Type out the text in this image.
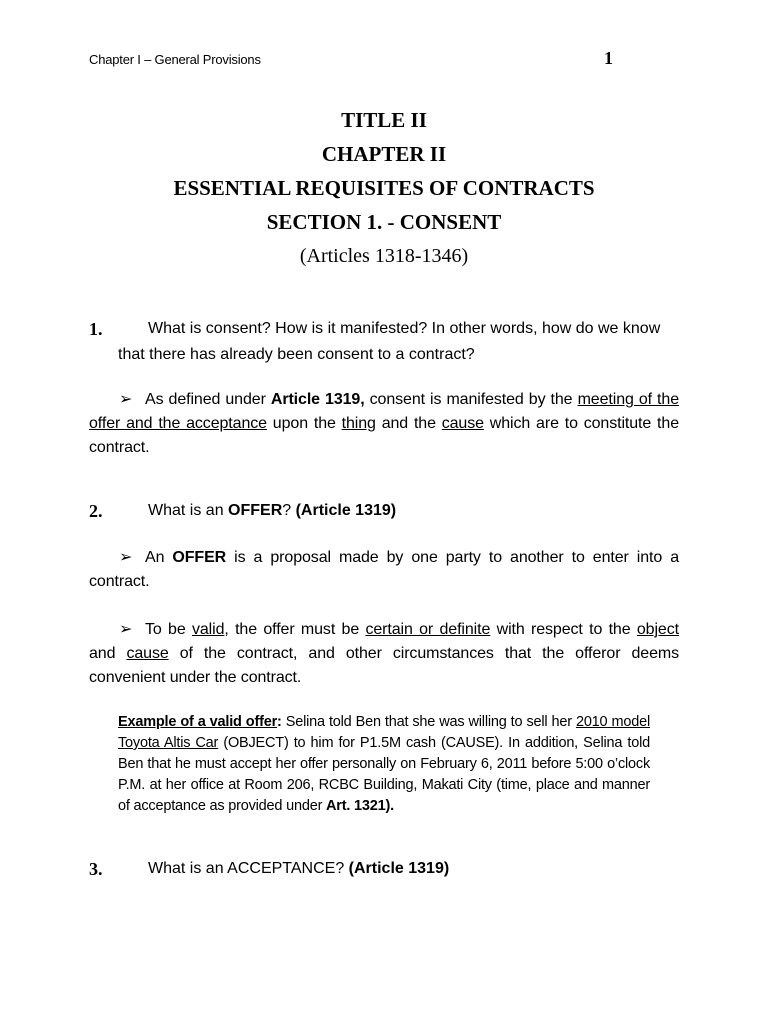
Chapter I – General Provisions	1
TITLE II
CHAPTER II
ESSENTIAL REQUISITES OF CONTRACTS
SECTION 1. - CONSENT
(Articles 1318-1346)
1.	What is consent? How is it manifested? In other words, how do we know
that there has already been consent to a contract?
➢ As defined under Article 1319, consent is manifested by the meeting of the offer and the acceptance upon the thing and the cause which are to constitute the contract.
2.	What is an OFFER? (Article 1319)
➢ An OFFER is a proposal made by one party to another to enter into a contract.
➢ To be valid, the offer must be certain or definite with respect to the object and cause of the contract, and other circumstances that the offeror deems convenient under the contract.
Example of a valid offer: Selina told Ben that she was willing to sell her 2010 model Toyota Altis Car (OBJECT) to him for P1.5M cash (CAUSE). In addition, Selina told Ben that he must accept her offer personally on February 6, 2011 before 5:00 o’clock P.M. at her office at Room 206, RCBC Building, Makati City (time, place and manner of acceptance as provided under Art. 1321).
3.	What is an ACCEPTANCE? (Article 1319)
